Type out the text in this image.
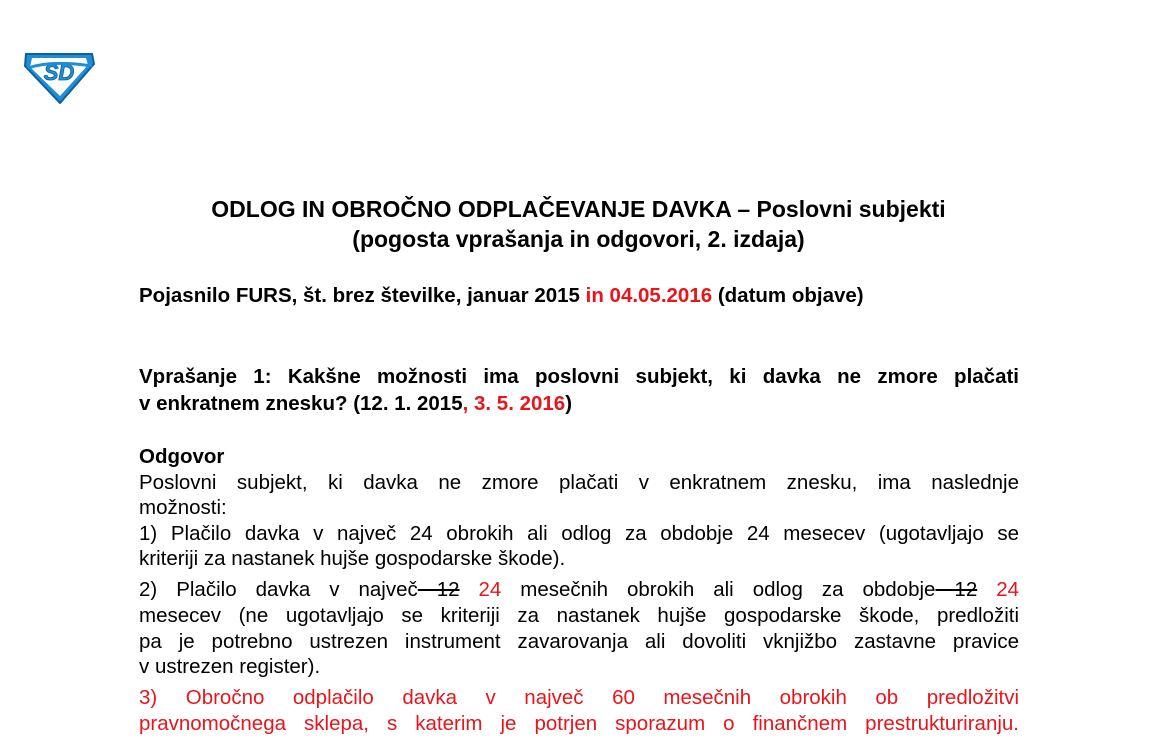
SD
ODLOG IN OBROČNO ODPLAČEVANJE DAVKA – Poslovni subjekti
(pogosta vprašanja in odgovori, 2. izdaja)
Pojasnilo FURS, št. brez številke, januar 2015 in 04.05.2016 (datum objave)
Vprašanje 1: Kakšne možnosti ima poslovni subjekt, ki davka ne zmore plačati
v enkratnem znesku? (12. 1. 2015, 3. 5. 2016)
Odgovor
Poslovni subjekt, ki davka ne zmore plačati v enkratnem znesku, ima naslednje
možnosti:
1) Plačilo davka v največ 24 obrokih ali odlog za obdobje 24 mesecev (ugotavljajo se
kriteriji za nastanek hujše gospodarske škode).
2) Plačilo davka v največ 12 24 mesečnih obrokih ali odlog za obdobje 12 24
mesecev (ne ugotavljajo se kriteriji za nastanek hujše gospodarske škode, predložiti
pa je potrebno ustrezen instrument zavarovanja ali dovoliti vknjižbo zastavne pravice
v ustrezen register).
3) Obročno odplačilo davka v največ 60 mesečnih obrokih ob predložitvi
pravnomočnega sklepa, s katerim je potrjen sporazum o finančnem prestrukturiranju.
